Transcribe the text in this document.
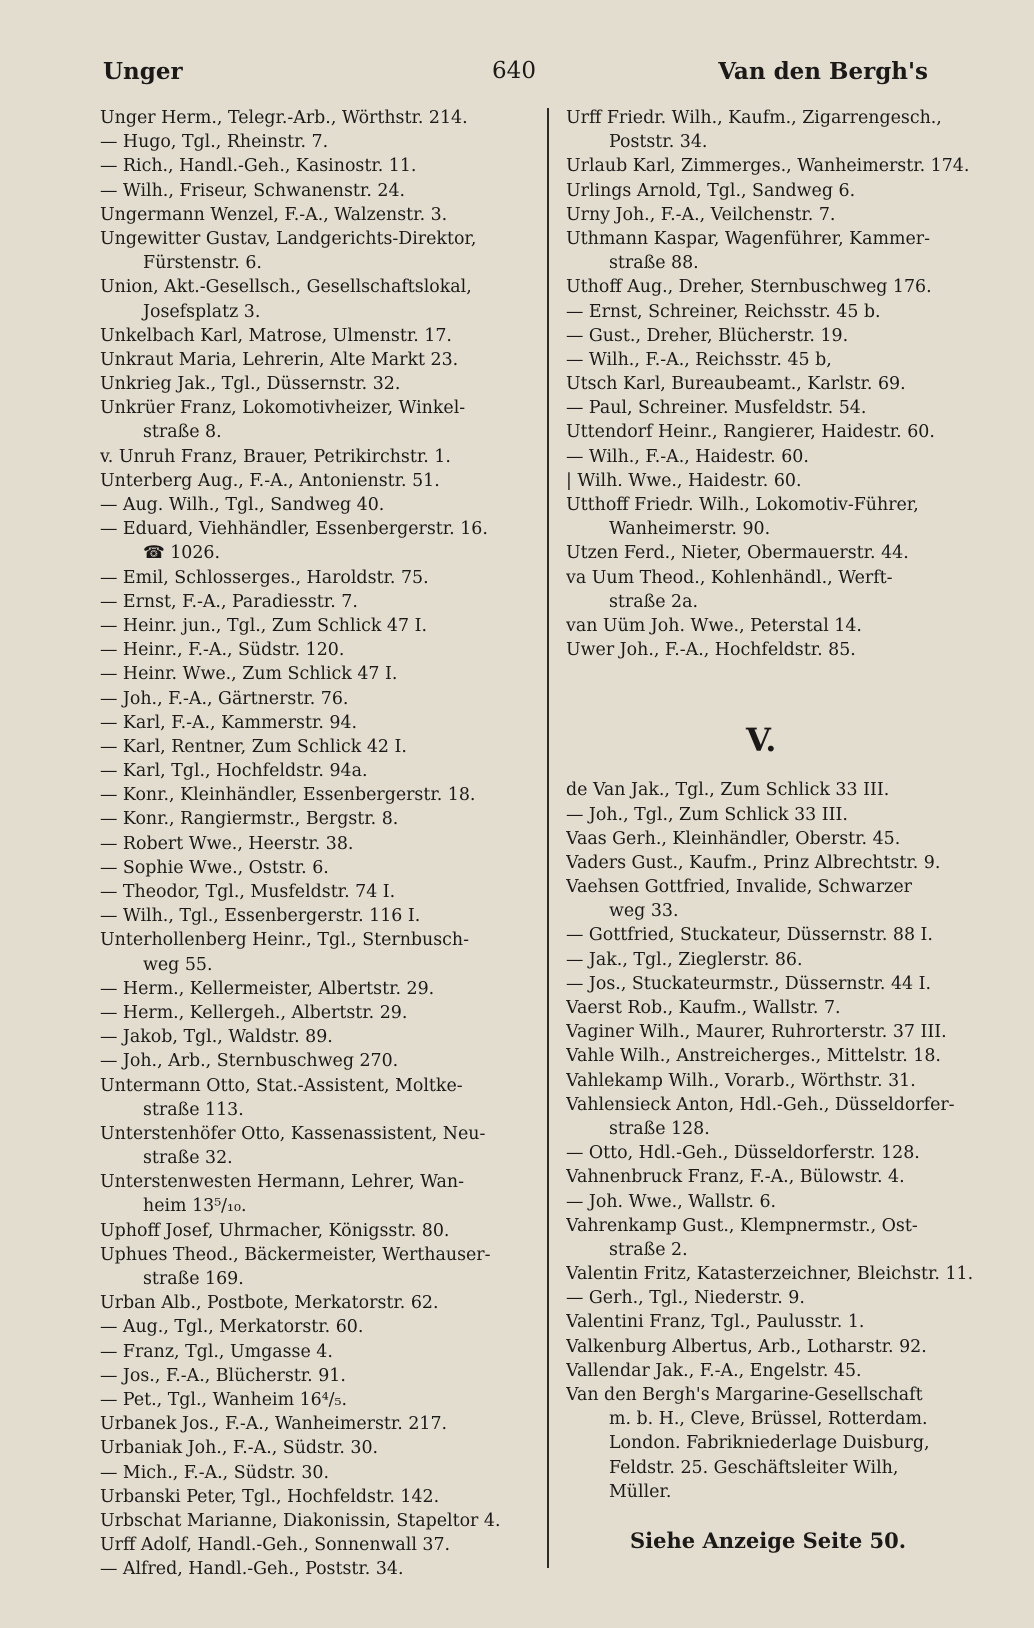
640
Unger	Van den Bergh's
Unger Herm., Telegr.-Arb., Wörthstr. 214.
— Hugo, Tgl., Rheinstr. 7.
— Rich., Handl.-Geh., Kasinostr. 11.
— Wilh., Friseur, Schwanenstr. 24.
Ungermann Wenzel, F.-A., Walzenstr. 3.
Ungewitter Gustav, Landgerichts-Direktor,
Fürstenstr. 6.
Union, Akt.-Gesellsch., Gesellschaftslokal,
Josefsplatz 3.
Unkelbach Karl, Matrose, Ulmenstr. 17.
Unkraut Maria, Lehrerin, Alte Markt 23.
Unkrieg Jak., Tgl., Düssernstr. 32.
Unkrüer Franz, Lokomotivheizer, Winkel-
straße 8.
v. Unruh Franz, Brauer, Petrikirchstr. 1.
Unterberg Aug., F.-A., Antonienstr. 51.
— Aug. Wilh., Tgl., Sandweg 40.
— Eduard, Viehhändler, Essenbergerstr. 16.
☎ 1026.
— Emil, Schlosserges., Haroldstr. 75.
— Ernst, F.-A., Paradiesstr. 7.
— Heinr. jun., Tgl., Zum Schlick 47 I.
— Heinr., F.-A., Südstr. 120.
— Heinr. Wwe., Zum Schlick 47 I.
— Joh., F.-A., Gärtnerstr. 76.
— Karl, F.-A., Kammerstr. 94.
— Karl, Rentner, Zum Schlick 42 I.
— Karl, Tgl., Hochfeldstr. 94a.
— Konr., Kleinhändler, Essenbergerstr. 18.
— Konr., Rangiermstr., Bergstr. 8.
— Robert Wwe., Heerstr. 38.
— Sophie Wwe., Oststr. 6.
— Theodor, Tgl., Musfeldstr. 74 I.
— Wilh., Tgl., Essenbergerstr. 116 I.
Unterhollenberg Heinr., Tgl., Sternbusch-
weg 55.
— Herm., Kellermeister, Albertstr. 29.
— Herm., Kellergeh., Albertstr. 29.
— Jakob, Tgl., Waldstr. 89.
— Joh., Arb., Sternbuschweg 270.
Untermann Otto, Stat.-Assistent, Moltke-
straße 113.
Unterstenhöfer Otto, Kassenassistent, Neu-
straße 32.
Unterstenwesten Hermann, Lehrer, Wan-
heim 13⁵/₁₀.
Uphoff Josef, Uhrmacher, Königsstr. 80.
Uphues Theod., Bäckermeister, Werthauser-
straße 169.
Urban Alb., Postbote, Merkatorstr. 62.
— Aug., Tgl., Merkatorstr. 60.
— Franz, Tgl., Umgasse 4.
— Jos., F.-A., Blücherstr. 91.
— Pet., Tgl., Wanheim 16⁴/₅.
Urbanek Jos., F.-A., Wanheimerstr. 217.
Urbaniak Joh., F.-A., Südstr. 30.
— Mich., F.-A., Südstr. 30.
Urbanski Peter, Tgl., Hochfeldstr. 142.
Urbschat Marianne, Diakonissin, Stapeltor 4.
Urff Adolf, Handl.-Geh., Sonnenwall 37.
— Alfred, Handl.-Geh., Poststr. 34.
Urff Friedr. Wilh., Kaufm., Zigarrengesch.,
Poststr. 34.
Urlaub Karl, Zimmerges., Wanheimerstr. 174.
Urlings Arnold, Tgl., Sandweg 6.
Urny Joh., F.-A., Veilchenstr. 7.
Uthmann Kaspar, Wagenführer, Kammer-
straße 88.
Uthoff Aug., Dreher, Sternbuschweg 176.
— Ernst, Schreiner, Reichsstr. 45 b.
— Gust., Dreher, Blücherstr. 19.
— Wilh., F.-A., Reichsstr. 45 b,
Utsch Karl, Bureaubeamt., Karlstr. 69.
— Paul, Schreiner. Musfeldstr. 54.
Uttendorf Heinr., Rangierer, Haidestr. 60.
— Wilh., F.-A., Haidestr. 60.
| Wilh. Wwe., Haidestr. 60.
Utthoff Friedr. Wilh., Lokomotiv-Führer,
Wanheimerstr. 90.
Utzen Ferd., Nieter, Obermauerstr. 44.
va Uum Theod., Kohlenhändl., Werft-
straße 2a.
van Uüm Joh. Wwe., Peterstal 14.
Uwer Joh., F.-A., Hochfeldstr. 85.
V.
de Van Jak., Tgl., Zum Schlick 33 III.
— Joh., Tgl., Zum Schlick 33 III.
Vaas Gerh., Kleinhändler, Oberstr. 45.
Vaders Gust., Kaufm., Prinz Albrechtstr. 9.
Vaehsen Gottfried, Invalide, Schwarzer
weg 33.
— Gottfried, Stuckateur, Düssernstr. 88 I.
— Jak., Tgl., Zieglerstr. 86.
— Jos., Stuckateurmstr., Düssernstr. 44 I.
Vaerst Rob., Kaufm., Wallstr. 7.
Vaginer Wilh., Maurer, Ruhrorterstr. 37 III.
Vahle Wilh., Anstreicherges., Mittelstr. 18.
Vahlekamp Wilh., Vorarb., Wörthstr. 31.
Vahlensieck Anton, Hdl.-Geh., Düsseldorfer-
straße 128.
— Otto, Hdl.-Geh., Düsseldorferstr. 128.
Vahnenbruck Franz, F.-A., Bülowstr. 4.
— Joh. Wwe., Wallstr. 6.
Vahrenkamp Gust., Klempnermstr., Ost-
straße 2.
Valentin Fritz, Katasterzeichner, Bleichstr. 11.
— Gerh., Tgl., Niederstr. 9.
Valentini Franz, Tgl., Paulusstr. 1.
Valkenburg Albertus, Arb., Lotharstr. 92.
Vallendar Jak., F.-A., Engelstr. 45.
Van den Bergh's Margarine-Gesellschaft
m. b. H., Cleve, Brüssel, Rotterdam.
London. Fabrikniederlage Duisburg,
Feldstr. 25. Geschäftsleiter Wilh,
Müller.
Siehe Anzeige Seite 50.
